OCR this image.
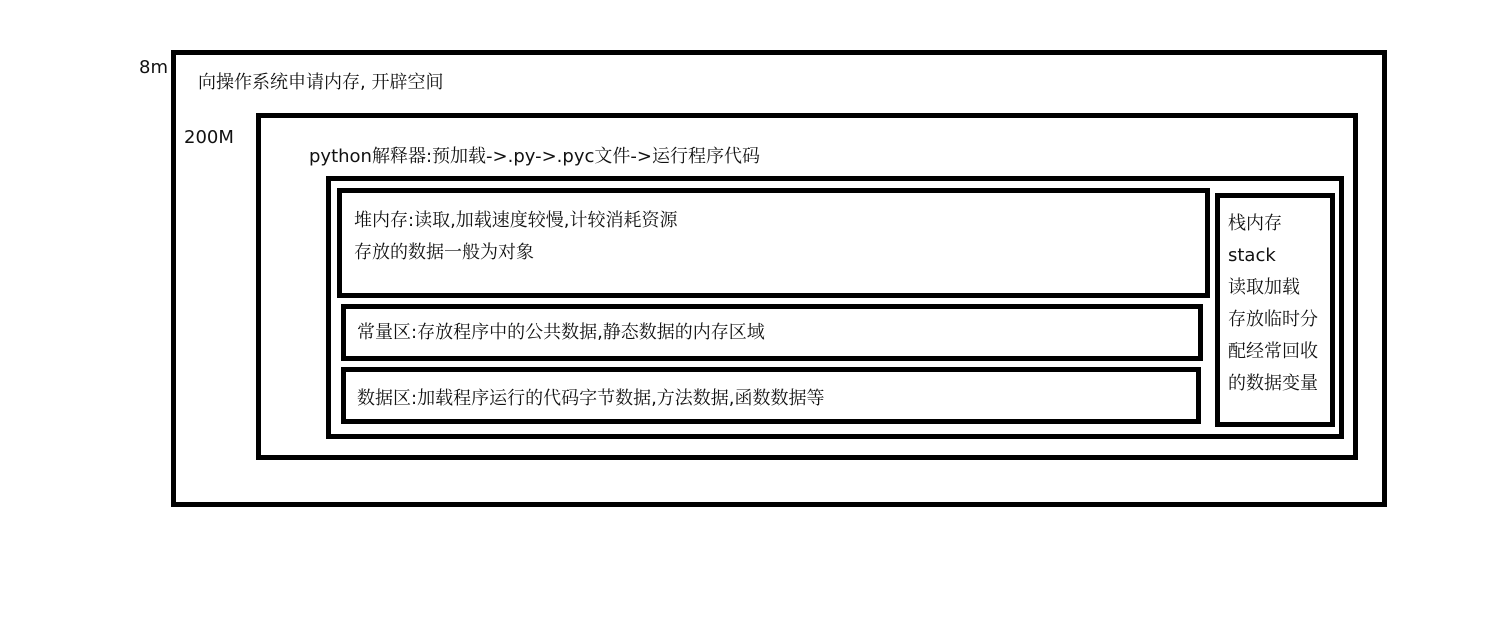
8m
向操作系统申请内存, 开辟空间
200M
python解释器:预加载->.py->.pyc文件->运行程序代码
堆内存:读取,加载速度较慢,计较消耗资源
存放的数据一般为对象
常量区:存放程序中的公共数据,静态数据的内存区域
数据区:加载程序运行的代码字节数据,方法数据,函数数据等
栈内存
stack
读取加载
存放临时分
配经常回收
的数据变量
